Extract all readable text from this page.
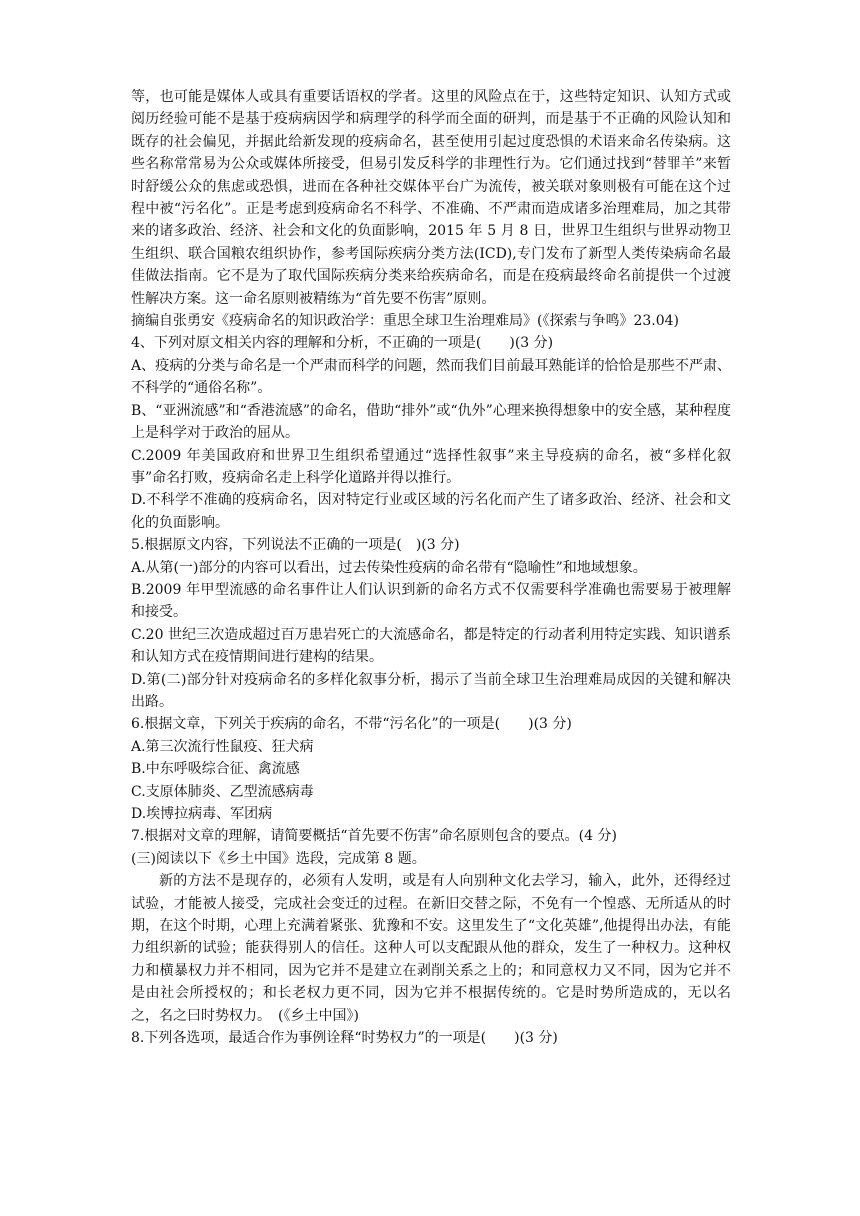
等，也可能是媒体人或具有重要话语权的学者。这里的风险点在于，这些特定知识、认知方式或阅历经验可能不是基于疫病病因学和病理学的科学而全面的研判，而是基于不正确的风险认知和既存的社会偏见，并据此给新发现的疫病命名，甚至使用引起过度恐惧的术语来命名传染病。这些名称常常易为公众或媒体所接受，但易引发反科学的非理性行为。它们通过找到“替罪羊”来暂时舒缓公众的焦虑或恐惧，进而在各种社交媒体平台广为流传，被关联对象则极有可能在这个过程中被“污名化”。正是考虑到疫病命名不科学、不准确、不严肃而造成诸多治理难局，加之其带来的诸多政治、经济、社会和文化的负面影响，2015 年 5 月 8 日，世界卫生组织与世界动物卫生组织、联合国粮农组织协作，参考国际疾病分类方法(ICD),专门发布了新型人类传染病命名最佳做法指南。它不是为了取代国际疾病分类来给疾病命名，而是在疫病最终命名前提供一个过渡性解决方案。这一命名原则被精练为“首先要不伤害”原则。

摘编自张勇安《疫病命名的知识政治学：重思全球卫生治理难局》(《探索与争鸣》23.04)

4、下列对原文相关内容的理解和分析，不正确的一项是(　　)(3 分)

A、疫病的分类与命名是一个严肃而科学的问题，然而我们目前最耳熟能详的恰恰是那些不严肃、不科学的“通俗名称”。

B、“亚洲流感”和“香港流感”的命名，借助“排外”或“仇外”心理来换得想象中的安全感，某种程度上是科学对于政治的屈从。

C.2009 年美国政府和世界卫生组织希望通过“选择性叙事”来主导疫病的命名，被“多样化叙事”命名打败，疫病命名走上科学化道路并得以推行。

D.不科学不准确的疫病命名，因对特定行业或区域的污名化而产生了诸多政治、经济、社会和文化的负面影响。

5.根据原文内容，下列说法不正确的一项是(　)(3 分)

A.从第(一)部分的内容可以看出，过去传染性疫病的命名带有“隐喻性”和地域想象。

B.2009 年甲型流感的命名事件让人们认识到新的命名方式不仅需要科学准确也需要易于被理解和接受。

C.20 世纪三次造成超过百万患岩死亡的大流感命名，都是特定的行动者利用特定实践、知识谱系和认知方式在疫情期间进行建构的结果。

D.第(二)部分针对疫病命名的多样化叙事分析，揭示了当前全球卫生治理难局成因的关键和解决出路。

6.根据文章，下列关于疾病的命名，不带“污名化”的一项是(　　)(3 分)

A.第三次流行性鼠疫、狂犬病

B.中东呼吸综合征、禽流感

C.支原体肺炎、乙型流感病毒

D.埃博拉病毒、军团病

7.根据对文章的理解，请简要概括“首先要不伤害”命名原则包含的要点。(4 分)

(三)阅读以下《乡土中国》选段，完成第 8 题。

新的方法不是现存的，必须有人发明，或是有人向别种文化去学习，输入，此外，还得经过试验，才能被人接受，完成社会变迁的过程。在新旧交替之际，不免有一个惶惑、无所适从的时期，在这个时期，心理上充满着紧张、犹豫和不安。这里发生了“文化英雄”,他提得出办法，有能力组织新的试验；能获得别人的信任。这种人可以支配跟从他的群众，发生了一种权力。这种权力和横暴权力并不相同，因为它并不是建立在剥削关系之上的；和同意权力又不同，因为它并不是由社会所授权的；和长老权力更不同，因为它并不根据传统的。它是时势所造成的，无以名之，名之曰时势权力。　(《乡土中国》)

8.下列各选项，最适合作为事例诠释“时势权力”的一项是(　　)(3 分)
